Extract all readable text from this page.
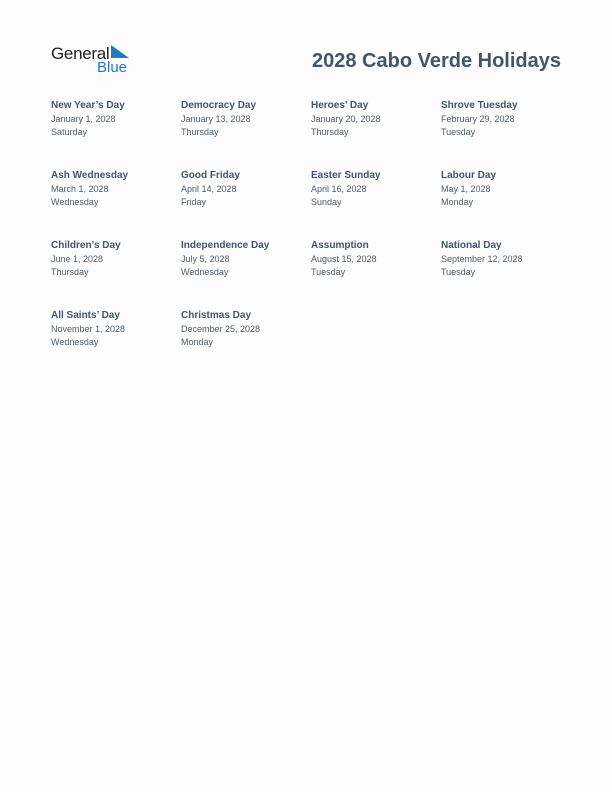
General
Blue	2028 Cabo Verde Holidays
New Year’s Day
January 1, 2028
Saturday
Democracy Day
January 13, 2028
Thursday
Heroes’ Day
January 20, 2028
Thursday
Shrove Tuesday
February 29, 2028
Tuesday
Ash Wednesday
March 1, 2028
Wednesday
Good Friday
April 14, 2028
Friday
Easter Sunday
April 16, 2028
Sunday
Labour Day
May 1, 2028
Monday
Children’s Day
June 1, 2028
Thursday
Independence Day
July 5, 2028
Wednesday
Assumption
August 15, 2028
Tuesday
National Day
September 12, 2028
Tuesday
All Saints’ Day
November 1, 2028
Wednesday
Christmas Day
December 25, 2028
Monday
